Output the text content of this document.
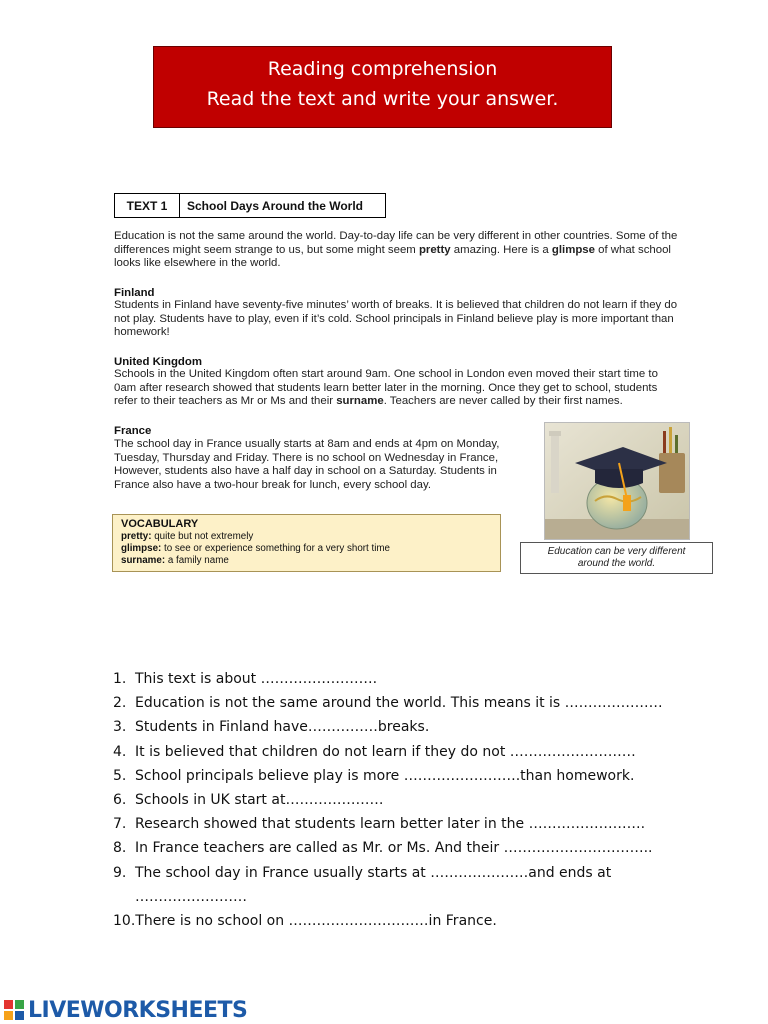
Reading comprehension
Read the text and write your answer.
TEXT 1	School Days Around the World
Education is not the same around the world. Day-to-day life can be very different in other countries. Some of the
differences might seem strange to us, but some might seem pretty amazing. Here is a glimpse of what school
looks like elsewhere in the world.
Finland
Students in Finland have seventy-five minutes’ worth of breaks. It is believed that children do not learn if they do
not play. Students have to play, even if it’s cold. School principals in Finland believe play is more important than
homework!
United Kingdom
Schools in the United Kingdom often start around 9am. One school in London even moved their start time to
0am after research showed that students learn better later in the morning. Once they get to school, students
refer to their teachers as Mr or Ms and their surname. Teachers are never called by their first names.
France
The school day in France usually starts at 8am and ends at 4pm on Monday,
Tuesday, Thursday and Friday. There is no school on Wednesday in France,
However, students also have a half day in school on a Saturday. Students in
France also have a two-hour break for lunch, every school day.
VOCABULARY
pretty: quite but not extremely
glimpse: to see or experience something for a very short time
surname: a family name
Education can be very different
around the world.
1. This text is about …………………….
2. Education is not the same around the world. This means it is …………………
3. Students in Finland have……………breaks.
4. It is believed that children do not learn if they do not ………………………
5. School principals believe play is more …………………….than homework.
6. Schools in UK start at…………………
7. Research showed that students learn better later in the …………………….
8. In France teachers are called as Mr. or Ms. And their …………………………..
9. The school day in France usually starts at …………………and ends at
……………………
10. There is no school on …………………………in France.
LIVEWORKSHEETS
